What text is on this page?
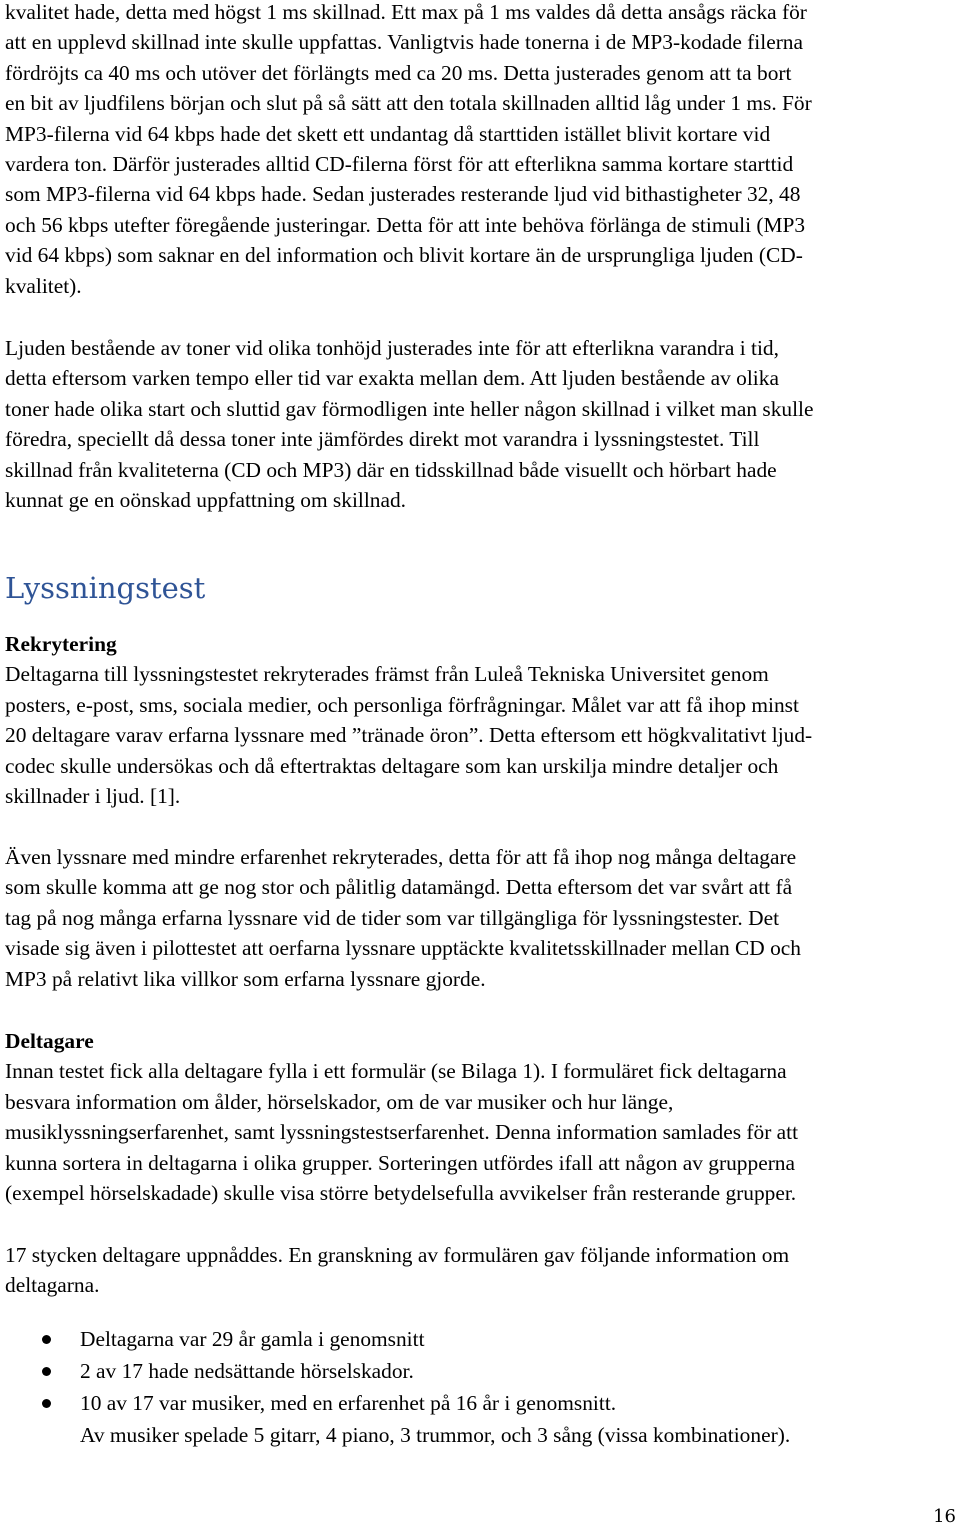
kvalitet hade, detta med högst 1 ms skillnad. Ett max på 1 ms valdes då detta ansågs räcka för

att en upplevd skillnad inte skulle uppfattas. Vanligtvis hade tonerna i de MP3-kodade filerna

fördröjts ca 40 ms och utöver det förlängts med ca 20 ms. Detta justerades genom att ta bort

en bit av ljudfilens början och slut på så sätt att den totala skillnaden alltid låg under 1 ms. För

MP3-filerna vid 64 kbps hade det skett ett undantag då starttiden istället blivit kortare vid

vardera ton. Därför justerades alltid CD-filerna först för att efterlikna samma kortare starttid

som MP3-filerna vid 64 kbps hade. Sedan justerades resterande ljud vid bithastigheter 32, 48

och 56 kbps utefter föregående justeringar. Detta för att inte behöva förlänga de stimuli (MP3

vid 64 kbps) som saknar en del information och blivit kortare än de ursprungliga ljuden (CD-

kvalitet).

Ljuden bestående av toner vid olika tonhöjd justerades inte för att efterlikna varandra i tid,

detta eftersom varken tempo eller tid var exakta mellan dem. Att ljuden bestående av olika

toner hade olika start och sluttid gav förmodligen inte heller någon skillnad i vilket man skulle

föredra, speciellt då dessa toner inte jämfördes direkt mot varandra i lyssningstestet. Till

skillnad från kvaliteterna (CD och MP3) där en tidsskillnad både visuellt och hörbart hade

kunnat ge en oönskad uppfattning om skillnad.

Lyssningstest

Rekrytering

Deltagarna till lyssningstestet rekryterades främst från Luleå Tekniska Universitet genom

posters, e-post, sms, sociala medier, och personliga förfrågningar. Målet var att få ihop minst

20 deltagare varav erfarna lyssnare med ”tränade öron”. Detta eftersom ett högkvalitativt ljud-

codec skulle undersökas och då eftertraktas deltagare som kan urskilja mindre detaljer och

skillnader i ljud. [1].

Även lyssnare med mindre erfarenhet rekryterades, detta för att få ihop nog många deltagare

som skulle komma att ge nog stor och pålitlig datamängd. Detta eftersom det var svårt att få

tag på nog många erfarna lyssnare vid de tider som var tillgängliga för lyssningstester. Det

visade sig även i pilottestet att oerfarna lyssnare upptäckte kvalitetsskillnader mellan CD och

MP3 på relativt lika villkor som erfarna lyssnare gjorde.

Deltagare

Innan testet fick alla deltagare fylla i ett formulär (se Bilaga 1). I formuläret fick deltagarna

besvara information om ålder, hörselskador, om de var musiker och hur länge,

musiklyssningserfarenhet, samt lyssningstestserfarenhet. Denna information samlades för att

kunna sortera in deltagarna i olika grupper. Sorteringen utfördes ifall att någon av grupperna

(exempel hörselskadade) skulle visa större betydelsefulla avvikelser från resterande grupper.

17 stycken deltagare uppnåddes. En granskning av formulären gav följande information om

deltagarna.

Deltagarna var 29 år gamla i genomsnitt
2 av 17 hade nedsättande hörselskador.
10 av 17 var musiker, med en erfarenhet på 16 år i genomsnitt.
Av musiker spelade 5 gitarr, 4 piano, 3 trummor, och 3 sång (vissa kombinationer).
16
